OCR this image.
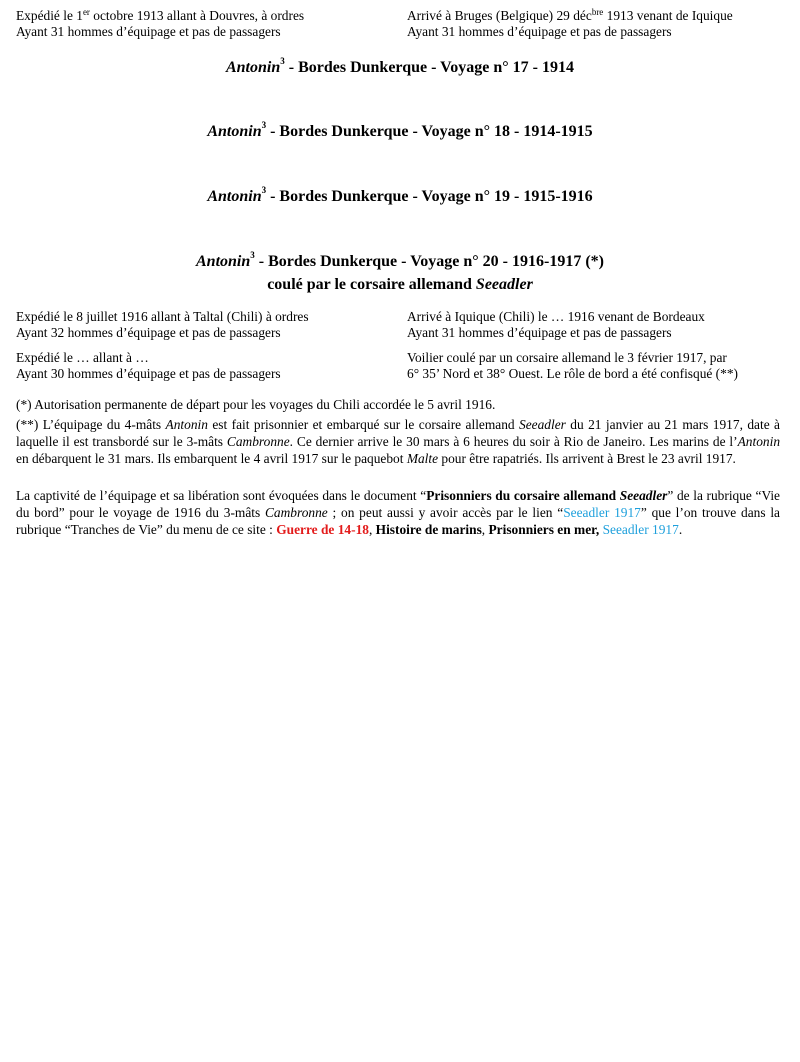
Expédié le 1er octobre 1913 allant à Douvres, à ordres
Ayant 31 hommes d’équipage et pas de passagers
Arrivé à Bruges (Belgique) 29 déc$^{bre}$ 1913 venant de Iquique
Ayant 31 hommes d’équipage et pas de passagers
Antonin$^3$ - Bordes Dunkerque - Voyage n° 17 - 1914
Antonin$^3$ - Bordes Dunkerque - Voyage n° 18 - 1914-1915
Antonin$^3$ - Bordes Dunkerque - Voyage n° 19 - 1915-1916
Antonin$^3$ - Bordes Dunkerque - Voyage n° 20 - 1916-1917 (*)
coulé par le corsaire allemand Seeadler
Expédié le 8 juillet 1916 allant à Taltal (Chili) à ordres
Ayant 32 hommes d’équipage et pas de passagers
Arrivé à Iquique (Chili) le … 1916 venant de Bordeaux
Ayant 31 hommes d’équipage et pas de passagers
Expédié le … allant à …
Ayant 30 hommes d’équipage et pas de passagers
Voilier coulé par un corsaire allemand le 3 février 1917, par
6° 35’ Nord et 38° Ouest. Le rôle de bord a été confisqué (**)
(*) Autorisation permanente de départ pour les voyages du Chili accordée le 5 avril 1916.
(**) L’équipage du 4-mâts Antonin est fait prisonnier et embarqué sur le corsaire allemand Seeadler du 21 janvier au 21 mars 1917, date à laquelle il est transbordé sur le 3-mâts Cambronne. Ce dernier arrive le 30 mars à 6 heures du soir à Rio de Janeiro. Les marins de l’Antonin en débarquent le 31 mars. Ils embarquent le 4 avril 1917 sur le paquebot Malte pour être rapatriés. Ils arrivent à Brest le 23 avril 1917.
La captivité de l’équipage et sa libération sont évoquées dans le document “Prisonniers du corsaire allemand Seeadler” de la rubrique “Vie du bord” pour le voyage de 1916 du 3-mâts Cambronne ; on peut aussi y avoir accès par le lien “Seeadler 1917” que l’on trouve dans la rubrique “Tranches de Vie” du menu de ce site : Guerre de 14-18, Histoire de marins, Prisonniers en mer, Seeadler 1917.
